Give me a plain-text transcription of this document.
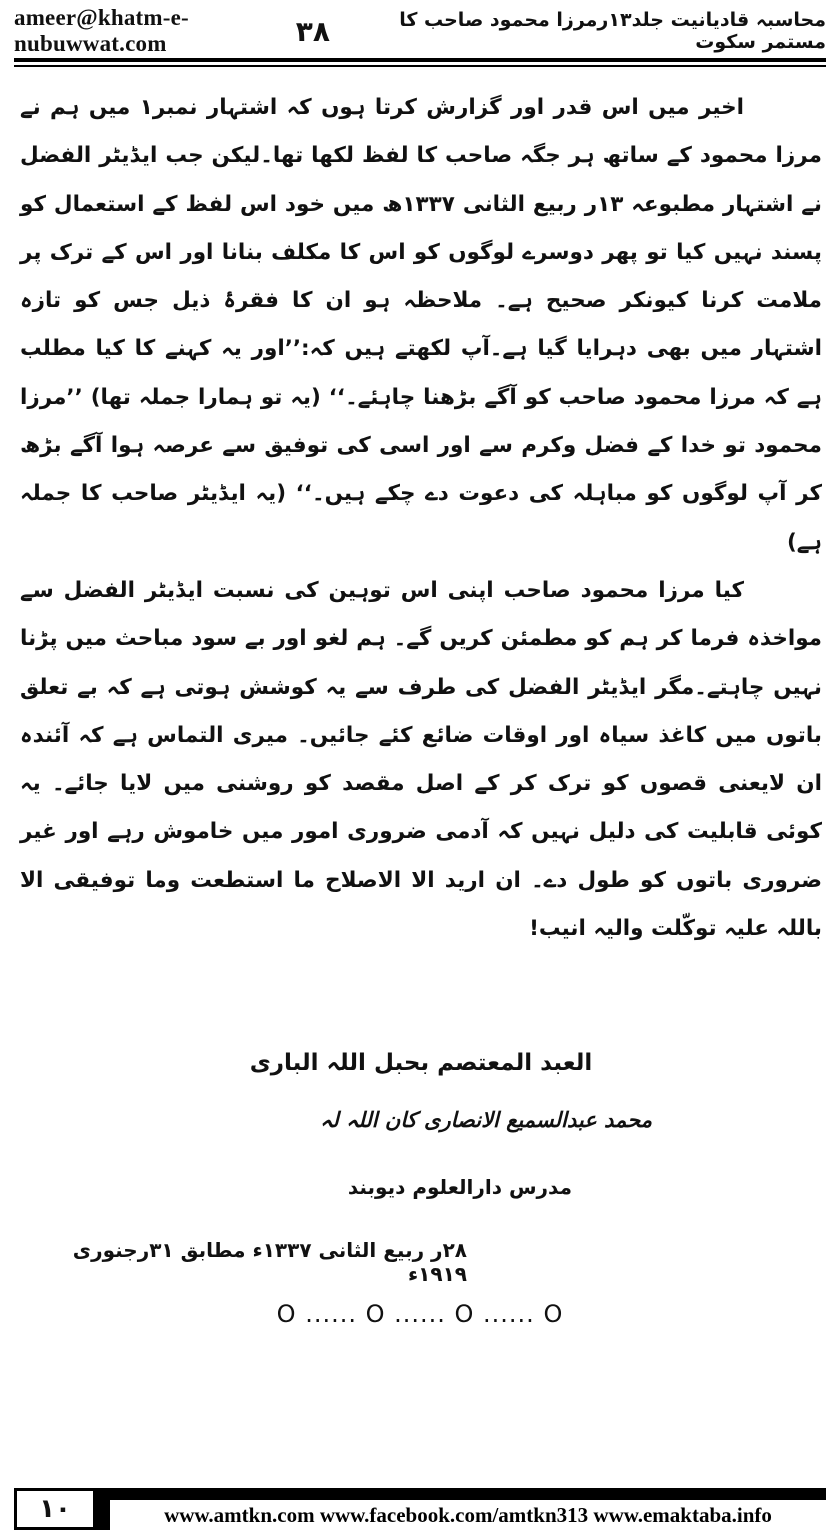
ameer@khatm-e-nubuwwat.com
محاسبہ قادیانیت جلد۱۳رمرزا محمود صاحب کا مستمر سکوت
۳۸

اخیر میں اس قدر اور گزارش کرتا ہوں کہ اشتہار نمبر۱ میں ہم نے مرزا محمود کے ساتھ ہر جگہ صاحب کا لفظ لکھا تھا۔لیکن جب ایڈیٹر الفضل نے اشتہار مطبوعہ ۱۳ر ربیع الثانی ۱۳۳۷ھ میں خود اس لفظ کے استعمال کو پسند نہیں کیا تو پھر دوسرے لوگوں کو اس کا مکلف بنانا اور اس کے ترک پر ملامت کرنا کیونکر صحیح ہے۔ ملاحظہ ہو ان کا فقرۂ ذیل جس کو تازہ اشتہار میں بھی دہرایا گیا ہے۔آپ لکھتے ہیں کہ:’’اور یہ کہنے کا کیا مطلب ہے کہ مرزا محمود صاحب کو آگے بڑھنا چاہئے۔‘‘ (یہ تو ہمارا جملہ تھا) ’’مرزا محمود تو خدا کے فضل وکرم سے اور اسی کی توفیق سے عرصہ ہوا آگے بڑھ کر آپ لوگوں کو مباہلہ کی دعوت دے چکے ہیں۔‘‘ (یہ ایڈیٹر صاحب کا جملہ ہے)

کیا مرزا محمود صاحب اپنی اس توہین کی نسبت ایڈیٹر الفضل سے مواخذہ فرما کر ہم کو مطمئن کریں گے۔ ہم لغو اور بے سود مباحث میں پڑنا نہیں چاہتے۔مگر ایڈیٹر الفضل کی طرف سے یہ کوشش ہوتی ہے کہ بے تعلق باتوں میں کاغذ سیاہ اور اوقات ضائع کئے جائیں۔ میری التماس ہے کہ آئندہ ان لایعنی قصوں کو ترک کر کے اصل مقصد کو روشنی میں لایا جائے۔ یہ کوئی قابلیت کی دلیل نہیں کہ آدمی ضروری امور میں خاموش رہے اور غیر ضروری باتوں کو طول دے۔ ان ارید الا الاصلاح ما استطعت وما توفیقی الا باللہ علیہ توکّلت والیہ انیب!

العبد المعتصم بحبل اللہ الباری
محمد عبدالسمیع الانصاری کان اللہ لہ
مدرس دارالعلوم دیوبند
۲۸ر ربیع الثانی ۱۳۳۷ء مطابق ۳۱رجنوری ۱۹۱۹ء
O ...... O ...... O ...... O
۱۰	www.amtkn.com www.facebook.com/amtkn313 www.emaktaba.info
